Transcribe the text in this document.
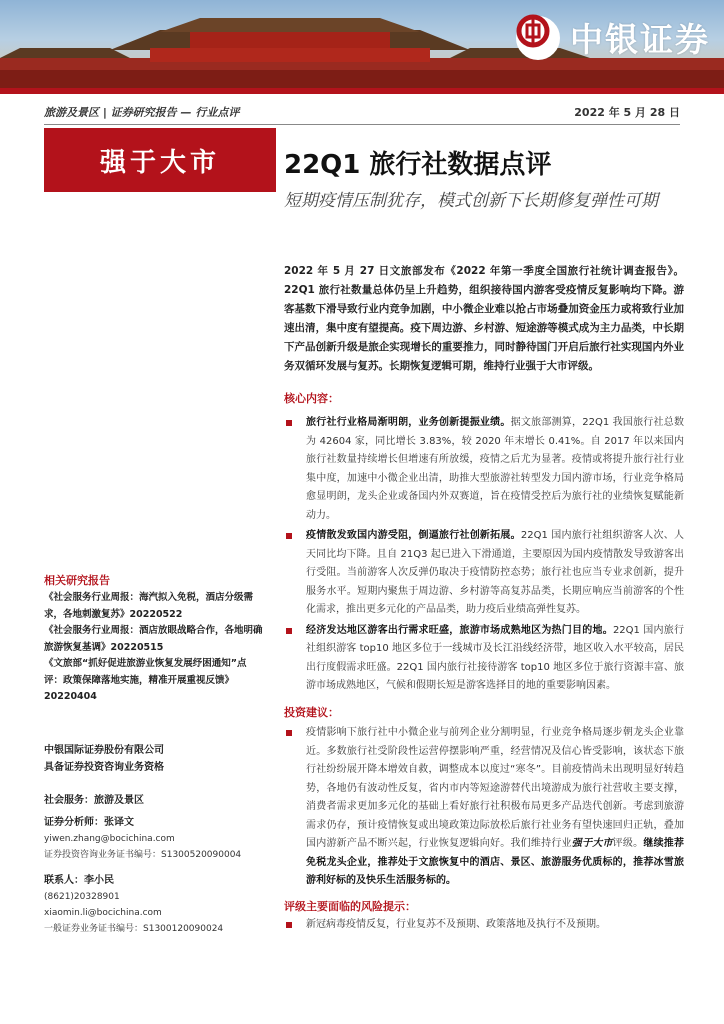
中银证券
旅游及景区 | 证券研究报告 — 行业点评	2022 年 5 月 28 日
强于大市	22Q1 旅行社数据点评
短期疫情压制犹存，模式创新下长期修复弹性可期
2022 年 5 月 27 日文旅部发布《2022 年第一季度全国旅行社统计调查报告》。22Q1 旅行社数量总体仍呈上升趋势，组织接待国内游客受疫情反复影响均下降。游客基数下滑导致行业内竞争加剧，中小微企业难以抢占市场叠加资金压力或将致行业加速出清，集中度有望提高。疫下周边游、乡村游、短途游等模式成为主力品类，中长期下产品创新升级是旅企实现增长的重要推力，同时静待国门开启后旅行社实现国内外业务双循环发展与复苏。长期恢复逻辑可期，维持行业强于大市评级。
核心内容：
旅行社行业格局渐明朗，业务创新提振业绩。据文旅部测算，22Q1 我国旅行社总数为 42604 家，同比增长 3.83%，较 2020 年末增长 0.41%。自 2017 年以来国内旅行社数量持续增长但增速有所放缓，疫情之后尤为显著。疫情或将提升旅行社行业集中度，加速中小微企业出清，助推大型旅游社转型发力国内游市场，行业竞争格局愈显明朗，龙头企业或备国内外双赛道，旨在疫情受控后为旅行社的业绩恢复赋能新动力。
疫情散发致国内游受阻，倒逼旅行社创新拓展。22Q1 国内旅行社组织游客人次、人天同比均下降。且自 21Q3 起已进入下滑通道，主要原因为国内疫情散发导致游客出行受阻。当前游客人次反弹仍取决于疫情防控态势；旅行社也应当专业求创新，提升服务水平。短期内聚焦于周边游、乡村游等高复苏品类，长期应响应当前游客的个性化需求，推出更多元化的产品品类，助力疫后业绩高弹性复苏。
经济发达地区游客出行需求旺盛，旅游市场成熟地区为热门目的地。22Q1 国内旅行社组织游客 top10 地区多位于一线城市及长江沿线经济带，地区收入水平较高，居民出行度假需求旺盛。22Q1 国内旅行社接待游客 top10 地区多位于旅行资源丰富、旅游市场成熟地区，气候和假期长短是游客选择目的地的重要影响因素。
投资建议：
疫情影响下旅行社中小微企业与前列企业分割明显，行业竞争格局逐步朝龙头企业靠近。多数旅行社受阶段性运营停摆影响严重，经营情况及信心皆受影响，该状态下旅行社纷纷展开降本增效自救，调整成本以度过“寒冬”。目前疫情尚未出现明显好转趋势，各地仍有波动性反复，省内市内等短途游替代出境游成为旅行社营收主要支撑，消费者需求更加多元化的基础上看好旅行社积极布局更多产品迭代创新。考虑到旅游需求仍存，预计疫情恢复或出境政策边际放松后旅行社业务有望快速回归正轨，叠加国内游新产品不断兴起，行业恢复逻辑向好。我们维持行业强于大市评级。继续推荐免税龙头企业，推荐处于文旅恢复中的酒店、景区、旅游服务优质标的，推荐冰雪旅游利好标的及快乐生活服务标的。
评级主要面临的风险提示：
新冠病毒疫情反复，行业复苏不及预期、政策落地及执行不及预期。
相关研究报告

《社会服务行业周报：海汽拟入免税，酒店分级需求，各地刺激复苏》20220522

《社会服务行业周报：酒店放眼战略合作，各地明确旅游恢复基调》20220515

《文旅部“抓好促进旅游业恢复发展纾困通知”点评：政策保障落地实施，精准开展重视反馈》20220404

中银国际证券股份有限公司
具备证券投资咨询业务资格
社会服务：旅游及景区
证券分析师：张译文
yiwen.zhang@bocichina.com
证券投资咨询业务证书编号：S1300520090004
联系人：李小民
(8621)20328901
xiaomin.li@bocichina.com
一般证券业务证书编号：S1300120090024
